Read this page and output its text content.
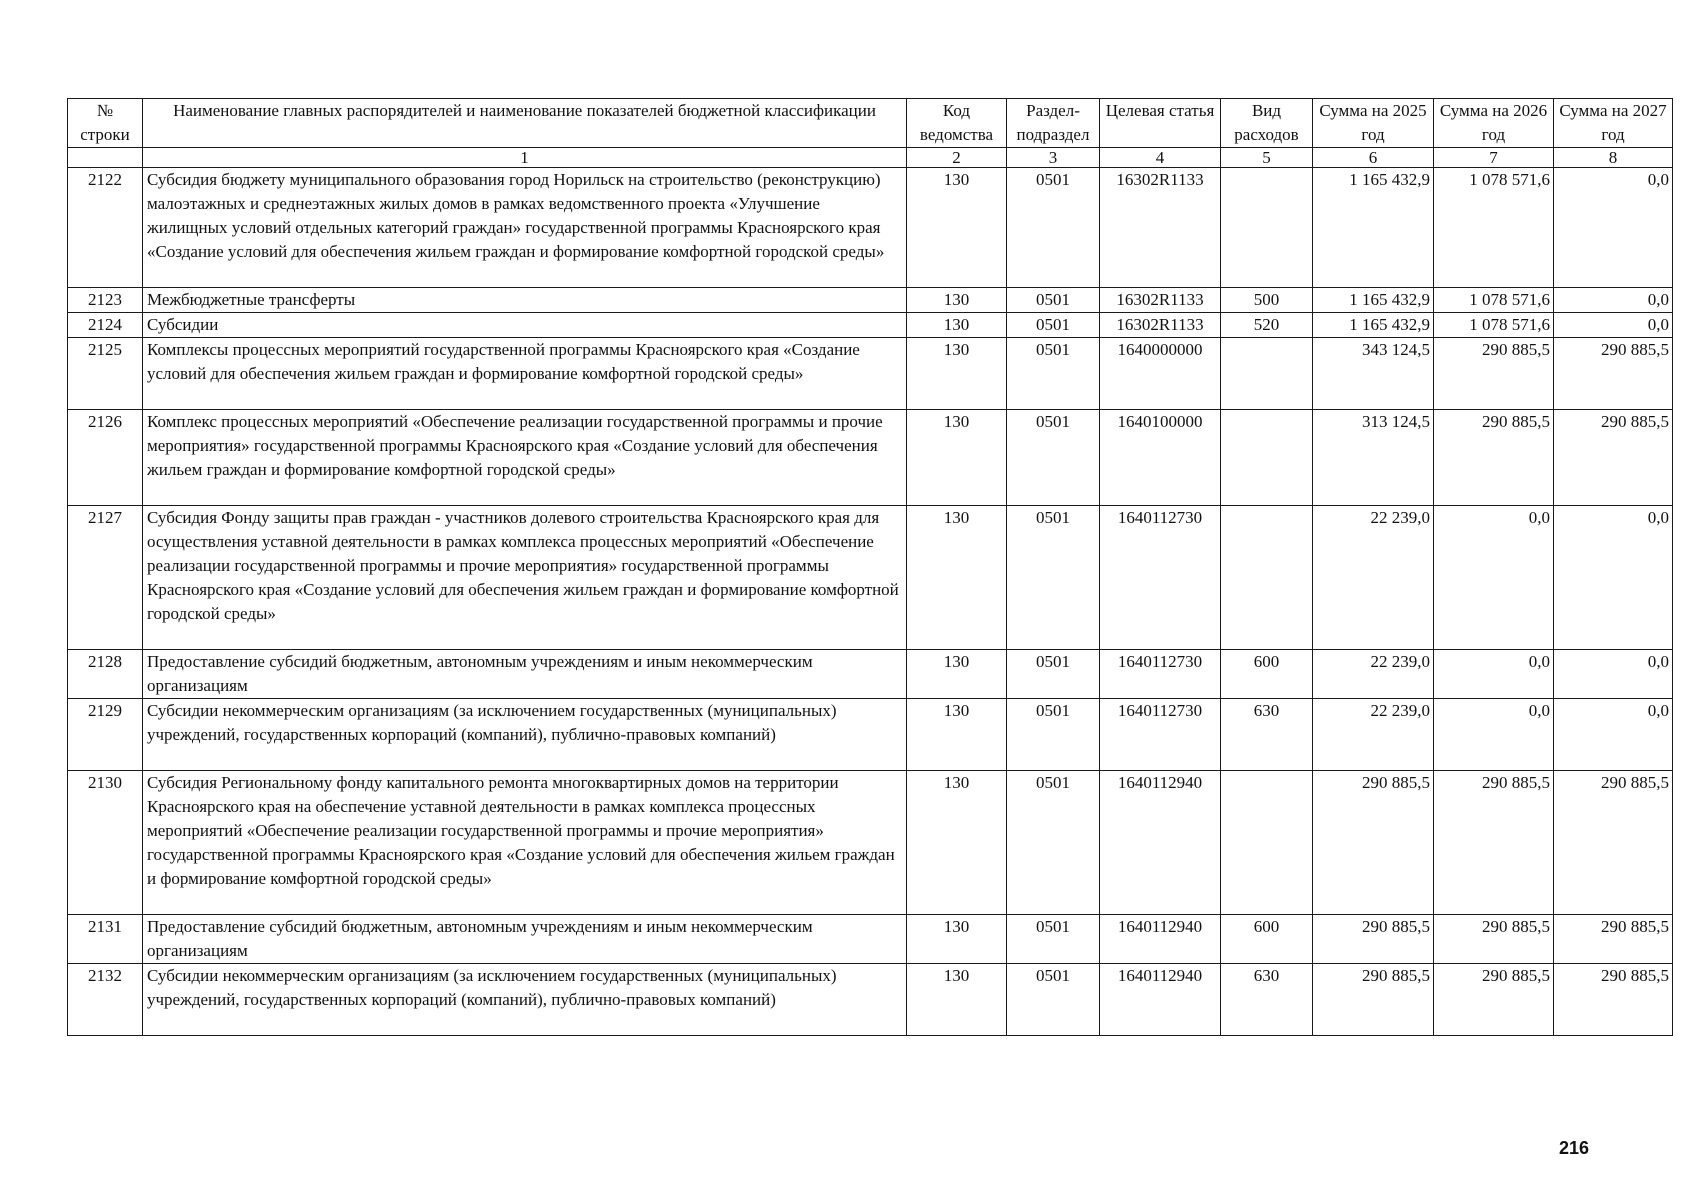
№ строки	Наименование главных распорядителей и наименование показателей бюджетной классификации	Код ведомства	Раздел-подраздел	Целевая статья	Вид расходов	Сумма на 2025 год	Сумма на 2026 год	Сумма на 2027 год
	1	2	3	4	5	6	7	8
2122	Субсидия бюджету муниципального образования город Норильск на строительство (реконструкцию) малоэтажных и среднеэтажных жилых домов в рамках ведомственного проекта «Улучшение жилищных условий отдельных категорий граждан» государственной программы Красноярского края «Создание условий для обеспечения жильем граждан и формирование комфортной городской среды»	130	0501	16302R1133		1 165 432,9	1 078 571,6	0,0
2123	Межбюджетные трансферты	130	0501	16302R1133	500	1 165 432,9	1 078 571,6	0,0
2124	Субсидии	130	0501	16302R1133	520	1 165 432,9	1 078 571,6	0,0
2125	Комплексы процессных мероприятий государственной программы Красноярского края «Создание условий для обеспечения жильем граждан и формирование комфортной городской среды»	130	0501	1640000000		343 124,5	290 885,5	290 885,5
2126	Комплекс процессных мероприятий «Обеспечение реализации государственной программы и прочие мероприятия» государственной программы Красноярского края «Создание условий для обеспечения жильем граждан и формирование комфортной городской среды»	130	0501	1640100000		313 124,5	290 885,5	290 885,5
2127	Субсидия Фонду защиты прав граждан - участников долевого строительства Красноярского края для осуществления уставной деятельности в рамках комплекса процессных мероприятий «Обеспечение реализации государственной программы и прочие мероприятия» государственной программы Красноярского края «Создание условий для обеспечения жильем граждан и формирование комфортной городской среды»	130	0501	1640112730		22 239,0	0,0	0,0
2128	Предоставление субсидий бюджетным, автономным учреждениям и иным некоммерческим организациям	130	0501	1640112730	600	22 239,0	0,0	0,0
2129	Субсидии некоммерческим организациям (за исключением государственных (муниципальных) учреждений, государственных корпораций (компаний), публично-правовых компаний)	130	0501	1640112730	630	22 239,0	0,0	0,0
2130	Субсидия Региональному фонду капитального ремонта многоквартирных домов на территории Красноярского края на обеспечение уставной деятельности в рамках комплекса процессных мероприятий «Обеспечение реализации государственной программы и прочие мероприятия» государственной программы Красноярского края «Создание условий для обеспечения жильем граждан и формирование комфортной городской среды»	130	0501	1640112940		290 885,5	290 885,5	290 885,5
2131	Предоставление субсидий бюджетным, автономным учреждениям и иным некоммерческим организациям	130	0501	1640112940	600	290 885,5	290 885,5	290 885,5
2132	Субсидии некоммерческим организациям (за исключением государственных (муниципальных) учреждений, государственных корпораций (компаний), публично-правовых компаний)	130	0501	1640112940	630	290 885,5	290 885,5	290 885,5
216
